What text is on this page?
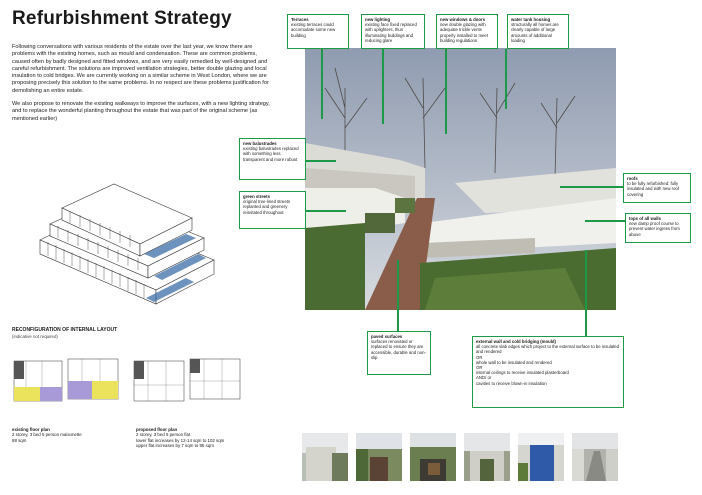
Refurbishment Strategy

Following conversations with various residents of the estate over the last year, we know there are problems with the existing homes, such as mould and condensation. These are common problems, caused often by badly designed and fitted windows, and are very easily remedied by well-designed and careful refurbishment. The solutions are improved ventilation strategies, better double glazing and local insulation to cold bridges. We are currently working on a similar scheme in West London, where we are proposing precisely this solution to the same problems. In no respect are these problems justification for demolishing an entire estate.

We also propose to renovate the existing walkways to improve the surfaces, with a new lighting strategy, and to replace the wonderful planting throughout the estate that was part of the original scheme (as mentioned earlier)

Terraces
existing terraces could accomodate some new building
new lighting
existing face fixed replaced with uplighters, thus illuminating buildings and reducing glare
new windows & doors
new double glazing with adequate trickle vents properly installed to meet building regulations
water tank housing
structurally all homes are clearly capable of large amounts of additional loading
new balustrades
existing balustrades replaced with something less transparent and more robust
green streets
original tree-lined streets replanted and greenery reinstated throughout
roofs
to be fully refurbished: fully insulated and with new roof covering
tops of all walls
new damp proof course to prevent water ingress from above
paved surfaces
surfaces renovated or replaced to ensure they are accessible, durable and non-slip
external wall and cold bridging (mould)
all concrete slab edges which project to the external surface to be insulated and rendered
OR
whole wall to be insulated and rendered
OR
internal ceilings to receive insulated plasterboard
AND/ or
cavities to receive blown-in insulation
RECONFIGURATION OF INTERNAL LAYOUT
(indicative not required)
existing floor plan
2 storey, 3 bed 5 person maisonette
88 sqm
proposed floor plan
2 storey, 3 bed 5 person flat
lower flat increases by 12-14 sqm to 102 sqm
upper flat increases by 7 sqm to 95 sqm
